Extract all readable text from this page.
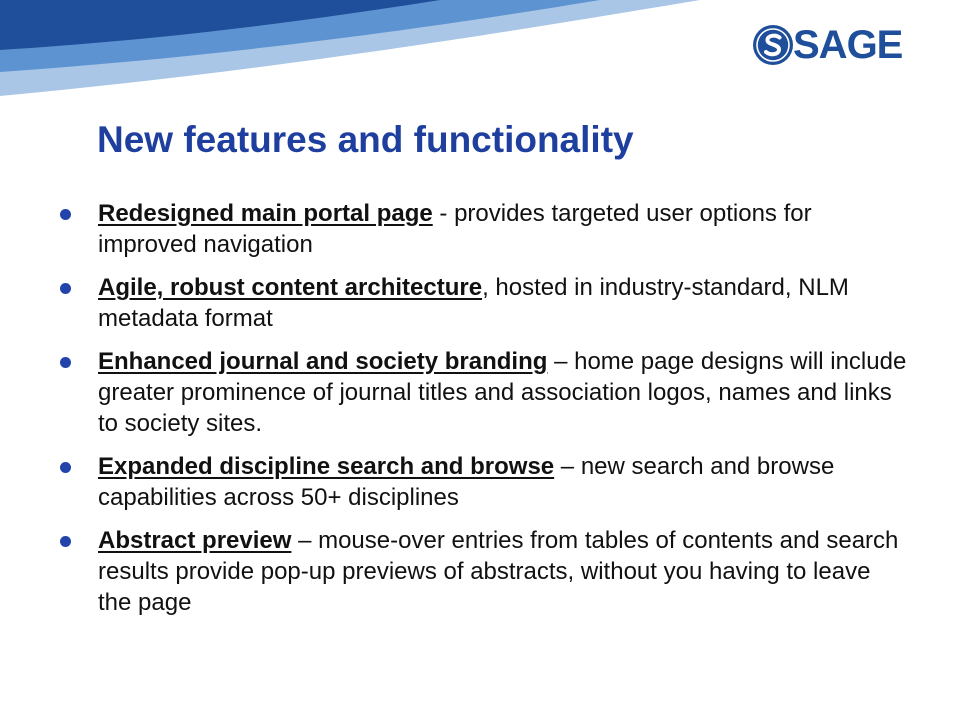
SAGE
New features and functionality
Redesigned main portal page - provides targeted user options for improved navigation
Agile, robust content architecture, hosted in industry-standard, NLM metadata format
Enhanced journal and society branding – home page designs will include greater prominence of journal titles and association logos, names and links to society sites.
Expanded discipline search and browse – new search and browse capabilities across 50+ disciplines
Abstract preview – mouse-over entries from tables of contents and search results provide pop-up previews of abstracts, without you having to leave the page
